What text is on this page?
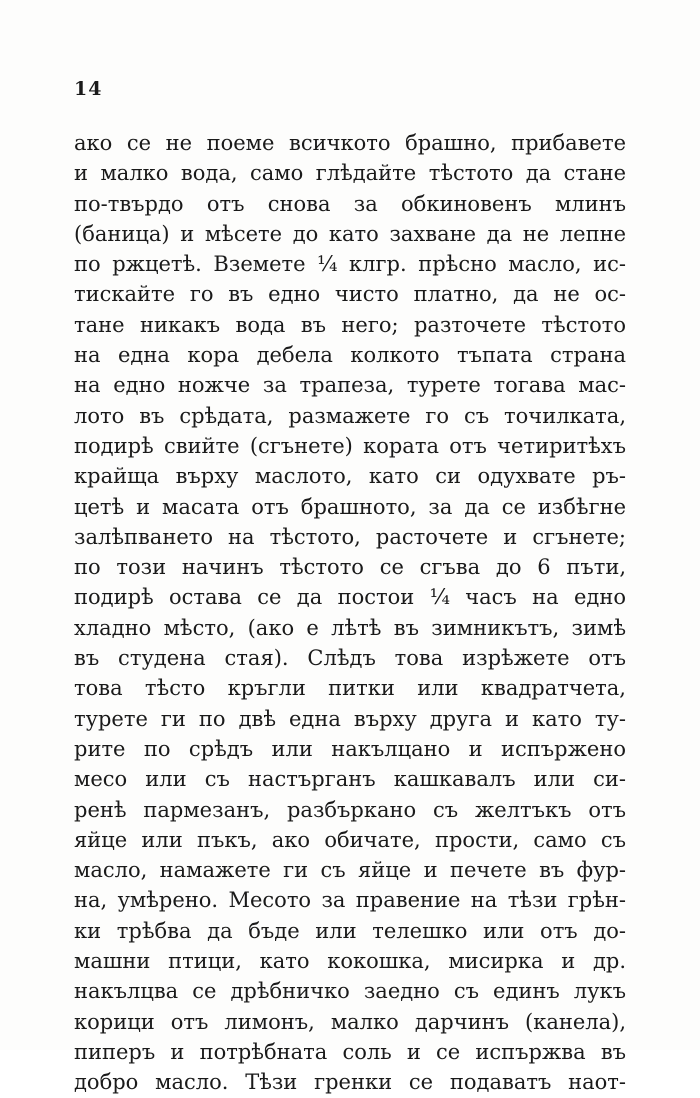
14
ако се не поеме всичкото брашно, прибавете
и малко вода, само глѣдайте тѣстото да стане
по-твърдо отъ снова за обкиновенъ млинъ
(баница) и мѣсете до като захване да не лепне
по ржцетѣ. Вземете ¼ клгр. прѣсно масло, ис-
тискайте го въ едно чисто платно, да не ос-
тане никакъ вода въ него; разточете тѣстото
на една кора дебела колкото тъпата страна
на едно ножче за трапеза, турете тогава мас-
лото въ срѣдата, размажете го съ точилката,
подирѣ свийте (сгънете) кората отъ четиритѣхъ
крайща върху маслото, като си одухвате ръ-
цетѣ и масата отъ брашното, за да се избѣгне
залѣпването на тѣстото, расточете и сгънете;
по този начинъ тѣстото се сгъва до 6 пъти,
подирѣ остава се да постои ¼ часъ на едно
хладно мѣсто, (ако е лѣтѣ въ зимникътъ, зимѣ
въ студена стая). Слѣдъ това изрѣжете отъ
това тѣсто кръгли питки или квадратчета,
турете ги по двѣ една върху друга и като ту-
рите по срѣдъ или накълцано и испържено
месо или съ настърганъ кашкавалъ или си-
ренѣ пармезанъ, разбъркано съ желтъкъ отъ
яйце или пъкъ, ако обичате, прости, само съ
масло, намажете ги съ яйце и печете въ фур-
на, умѣрено. Месото за правение на тѣзи грѣн-
ки трѣбва да бъде или телешко или отъ до-
машни птици, като кокошка, мисирка и др.
накълцва се дрѣбничко заедно съ единъ лукъ
корици отъ лимонъ, малко дарчинъ (канела),
пиперъ и потрѣбната соль и се испържва въ
добро масло. Тѣзи гренки се подаватъ наот-
